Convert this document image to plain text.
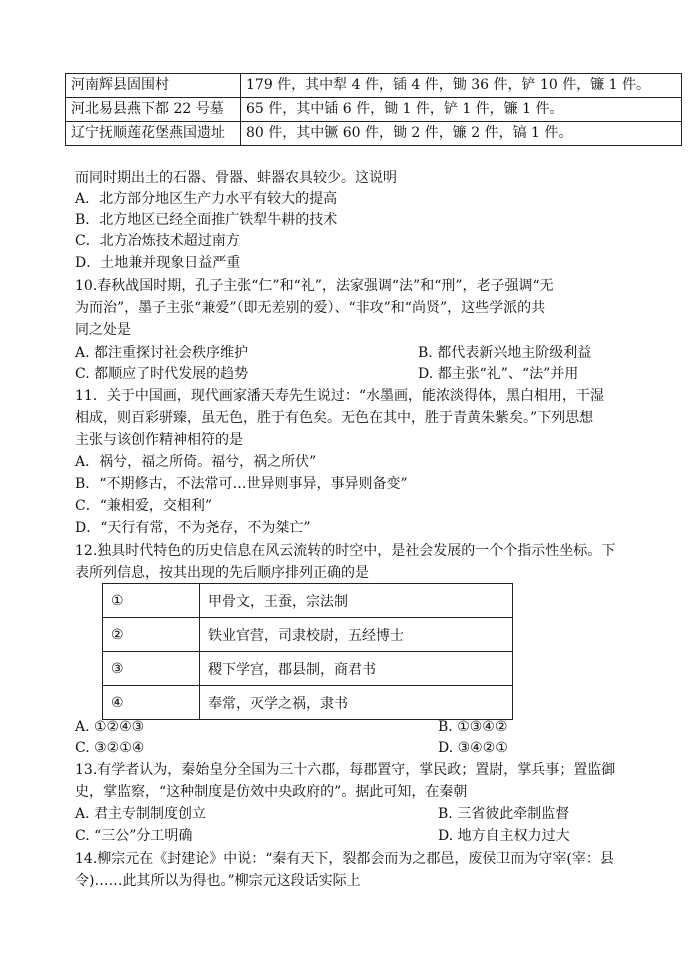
河南辉县固围村	179 件，其中犁 4 件，锸 4 件，锄 36 件，铲 10 件，镰 1 件。
河北易县燕下都 22 号墓	65 件，其中锸 6 件，锄 1 件，铲 1 件，镰 1 件。
辽宁抚顺莲花堡燕国遗址	80 件，其中镢 60 件，锄 2 件，镰 2 件，镐 1 件。
而同时期出土的石器、骨器、蚌器农具较少。这说明
A．北方部分地区生产力水平有较大的提高
B．北方地区已经全面推广铁犁牛耕的技术
C．北方冶炼技术超过南方
D．土地兼并现象日益严重
10.春秋战国时期，孔子主张“仁”和“礼”，法家强调“法”和“刑”，老子强调“无
为而治”，墨子主张“兼爱”（即无差别的爱）、“非攻”和“尚贤”，这些学派的共
同之处是
A. 都注重探讨社会秩序维护	B. 都代表新兴地主阶级利益
C. 都顺应了时代发展的趋势	D. 都主张“礼”、“法”并用
11．关于中国画，现代画家潘天寿先生说过：“水墨画，能浓淡得体，黑白相用，干湿
相成，则百彩骈臻，虽无色，胜于有色矣。无色在其中，胜于青黄朱紫矣。”下列思想
主张与该创作精神相符的是
A．祸兮，福之所倚。福兮，祸之所伏”
B．“不期修古，不法常可…世异则事异，事异则备变”
C．“兼相爱，交相利”
D．“天行有常，不为尧存，不为桀亡”
12.独具时代特色的历史信息在风云流转的时空中，是社会发展的一个个指示性坐标。下
表所列信息，按其出现的先后顺序排列正确的是
①	甲骨文，王蚕，宗法制
②	铁业官营，司隶校尉，五经博士
③	稷下学宫，郡县制，商君书
④	奉常，灭学之祸，隶书
A. ①②④③	B. ①③④②
C. ③②①④	D. ③④②①
13.有学者认为，秦始皇分全国为三十六郡，每郡置守，掌民政；置尉，掌兵事；置监御
史，掌监察，“这种制度是仿效中央政府的”。据此可知，在秦朝
A. 君主专制制度创立	B. 三省彼此牵制监督
C. “三公”分工明确	D. 地方自主权力过大
14.柳宗元在《封建论》中说：“秦有天下，裂都会而为之郡邑，废侯卫而为守宰(宰：县
令)……此其所以为得也。”柳宗元这段话实际上
